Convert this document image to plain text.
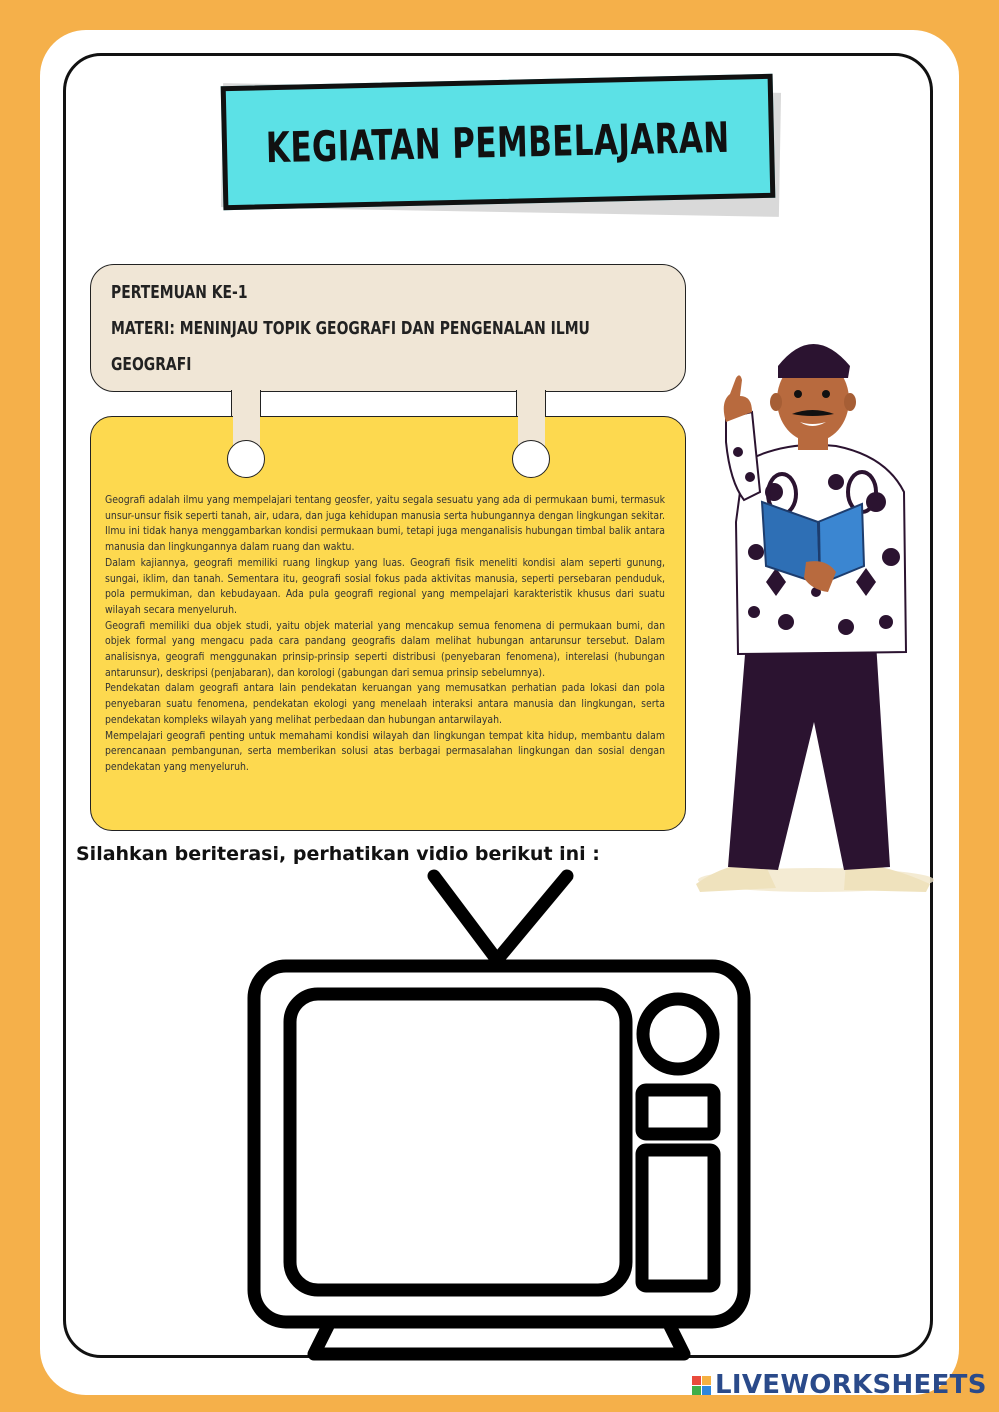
KEGIATAN PEMBELAJARAN
PERTEMUAN KE-1
MATERI: MENINJAU TOPIK GEOGRAFI DAN PENGENALAN ILMU
GEOGRAFI

Geografi adalah ilmu yang mempelajari tentang geosfer, yaitu segala sesuatu yang ada di permukaan bumi, termasuk unsur-unsur fisik seperti tanah, air, udara, dan juga kehidupan manusia serta hubungannya dengan lingkungan sekitar. Ilmu ini tidak hanya menggambarkan kondisi permukaan bumi, tetapi juga menganalisis hubungan timbal balik antara manusia dan lingkungannya dalam ruang dan waktu.

Dalam kajiannya, geografi memiliki ruang lingkup yang luas. Geografi fisik meneliti kondisi alam seperti gunung, sungai, iklim, dan tanah. Sementara itu, geografi sosial fokus pada aktivitas manusia, seperti persebaran penduduk, pola permukiman, dan kebudayaan. Ada pula geografi regional yang mempelajari karakteristik khusus dari suatu wilayah secara menyeluruh.

Geografi memiliki dua objek studi, yaitu objek material yang mencakup semua fenomena di permukaan bumi, dan objek formal yang mengacu pada cara pandang geografis dalam melihat hubungan antarunsur tersebut. Dalam analisisnya, geografi menggunakan prinsip-prinsip seperti distribusi (penyebaran fenomena), interelasi (hubungan antarunsur), deskripsi (penjabaran), dan korologi (gabungan dari semua prinsip sebelumnya).

Pendekatan dalam geografi antara lain pendekatan keruangan yang memusatkan perhatian pada lokasi dan pola penyebaran suatu fenomena, pendekatan ekologi yang menelaah interaksi antara manusia dan lingkungan, serta pendekatan kompleks wilayah yang melihat perbedaan dan hubungan antarwilayah.

Mempelajari geografi penting untuk memahami kondisi wilayah dan lingkungan tempat kita hidup, membantu dalam perencanaan pembangunan, serta memberikan solusi atas berbagai permasalahan lingkungan dan sosial dengan pendekatan yang menyeluruh.

Silahkan beriterasi, perhatikan vidio berikut ini :
LIVEWORKSHEETS
